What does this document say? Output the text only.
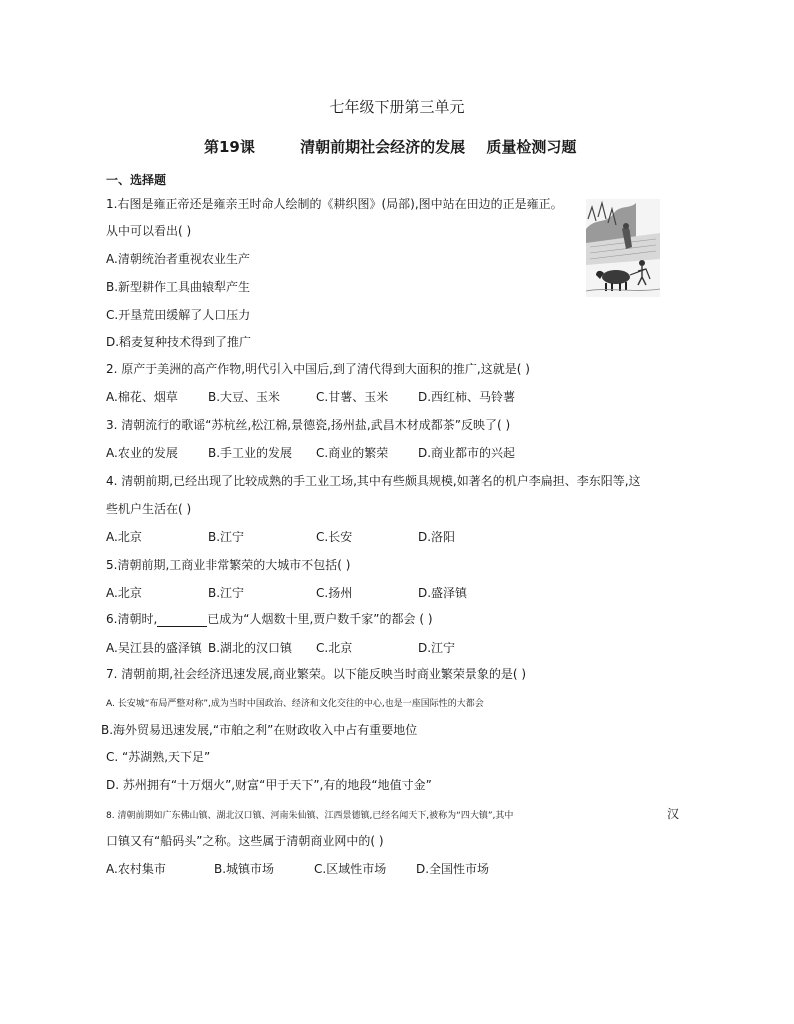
七年级下册第三单元
第19课	清朝前期社会经济的发展 质量检测习题
一、选择题
1.右图是雍正帝还是雍亲王时命人绘制的《耕织图》(局部),图中站在田边的正是雍正。
从中可以看出( )
A.清朝统治者重视农业生产
B.新型耕作工具曲辕犁产生
C.开垦荒田缓解了人口压力
D.稻麦复种技术得到了推广
2. 原产于美洲的高产作物,明代引入中国后,到了清代得到大面积的推广,这就是( )
A.棉花、烟草	B.大豆、玉米	C.甘薯、玉米 D.西红柿、马铃薯
3. 清朝流行的歌谣“苏杭丝,松江棉,景德瓷,扬州盐,武昌木材成都茶”反映了( )
A.农业的发展	B.手工业的发展 C.商业的繁荣 D.商业都市的兴起
4. 清朝前期,已经出现了比较成熟的手工业工场,其中有些颇具规模,如著名的机户李扁担、李东阳等,这
些机户生活在( )
A.北京	B.江宁	C.长安	D.洛阳
5.清朝前期,工商业非常繁荣的大城市不包括( )
A.北京	B.江宁	C.扬州	D.盛泽镇
6.清朝时,	已成为“人烟数十里,贾户数千家”的都会 ( )
A.吴江县的盛泽镇 B.湖北的汉口镇 C.北京	D.江宁
7. 清朝前期,社会经济迅速发展,商业繁荣。以下能反映当时商业繁荣景象的是( )
A. 长安城“布局严整对称”,成为当时中国政治、经济和文化交往的中心,也是一座国际性的大都会
B.海外贸易迅速发展,“市舶之利”在财政收入中占有重要地位
C. “苏湖熟,天下足”
D. 苏州拥有“十万烟火”,财富“甲于天下”,有的地段“地值寸金”
8. 清朝前期如广东佛山镇、湖北汉口镇、河南朱仙镇、江西景德镇,已经名闻天下,被称为“四大镇”,其中	汉
口镇又有“船码头”之称。这些属于清朝商业网中的( )
A.农村集市	B.城镇市场	C.区域性市场 D.全国性市场
